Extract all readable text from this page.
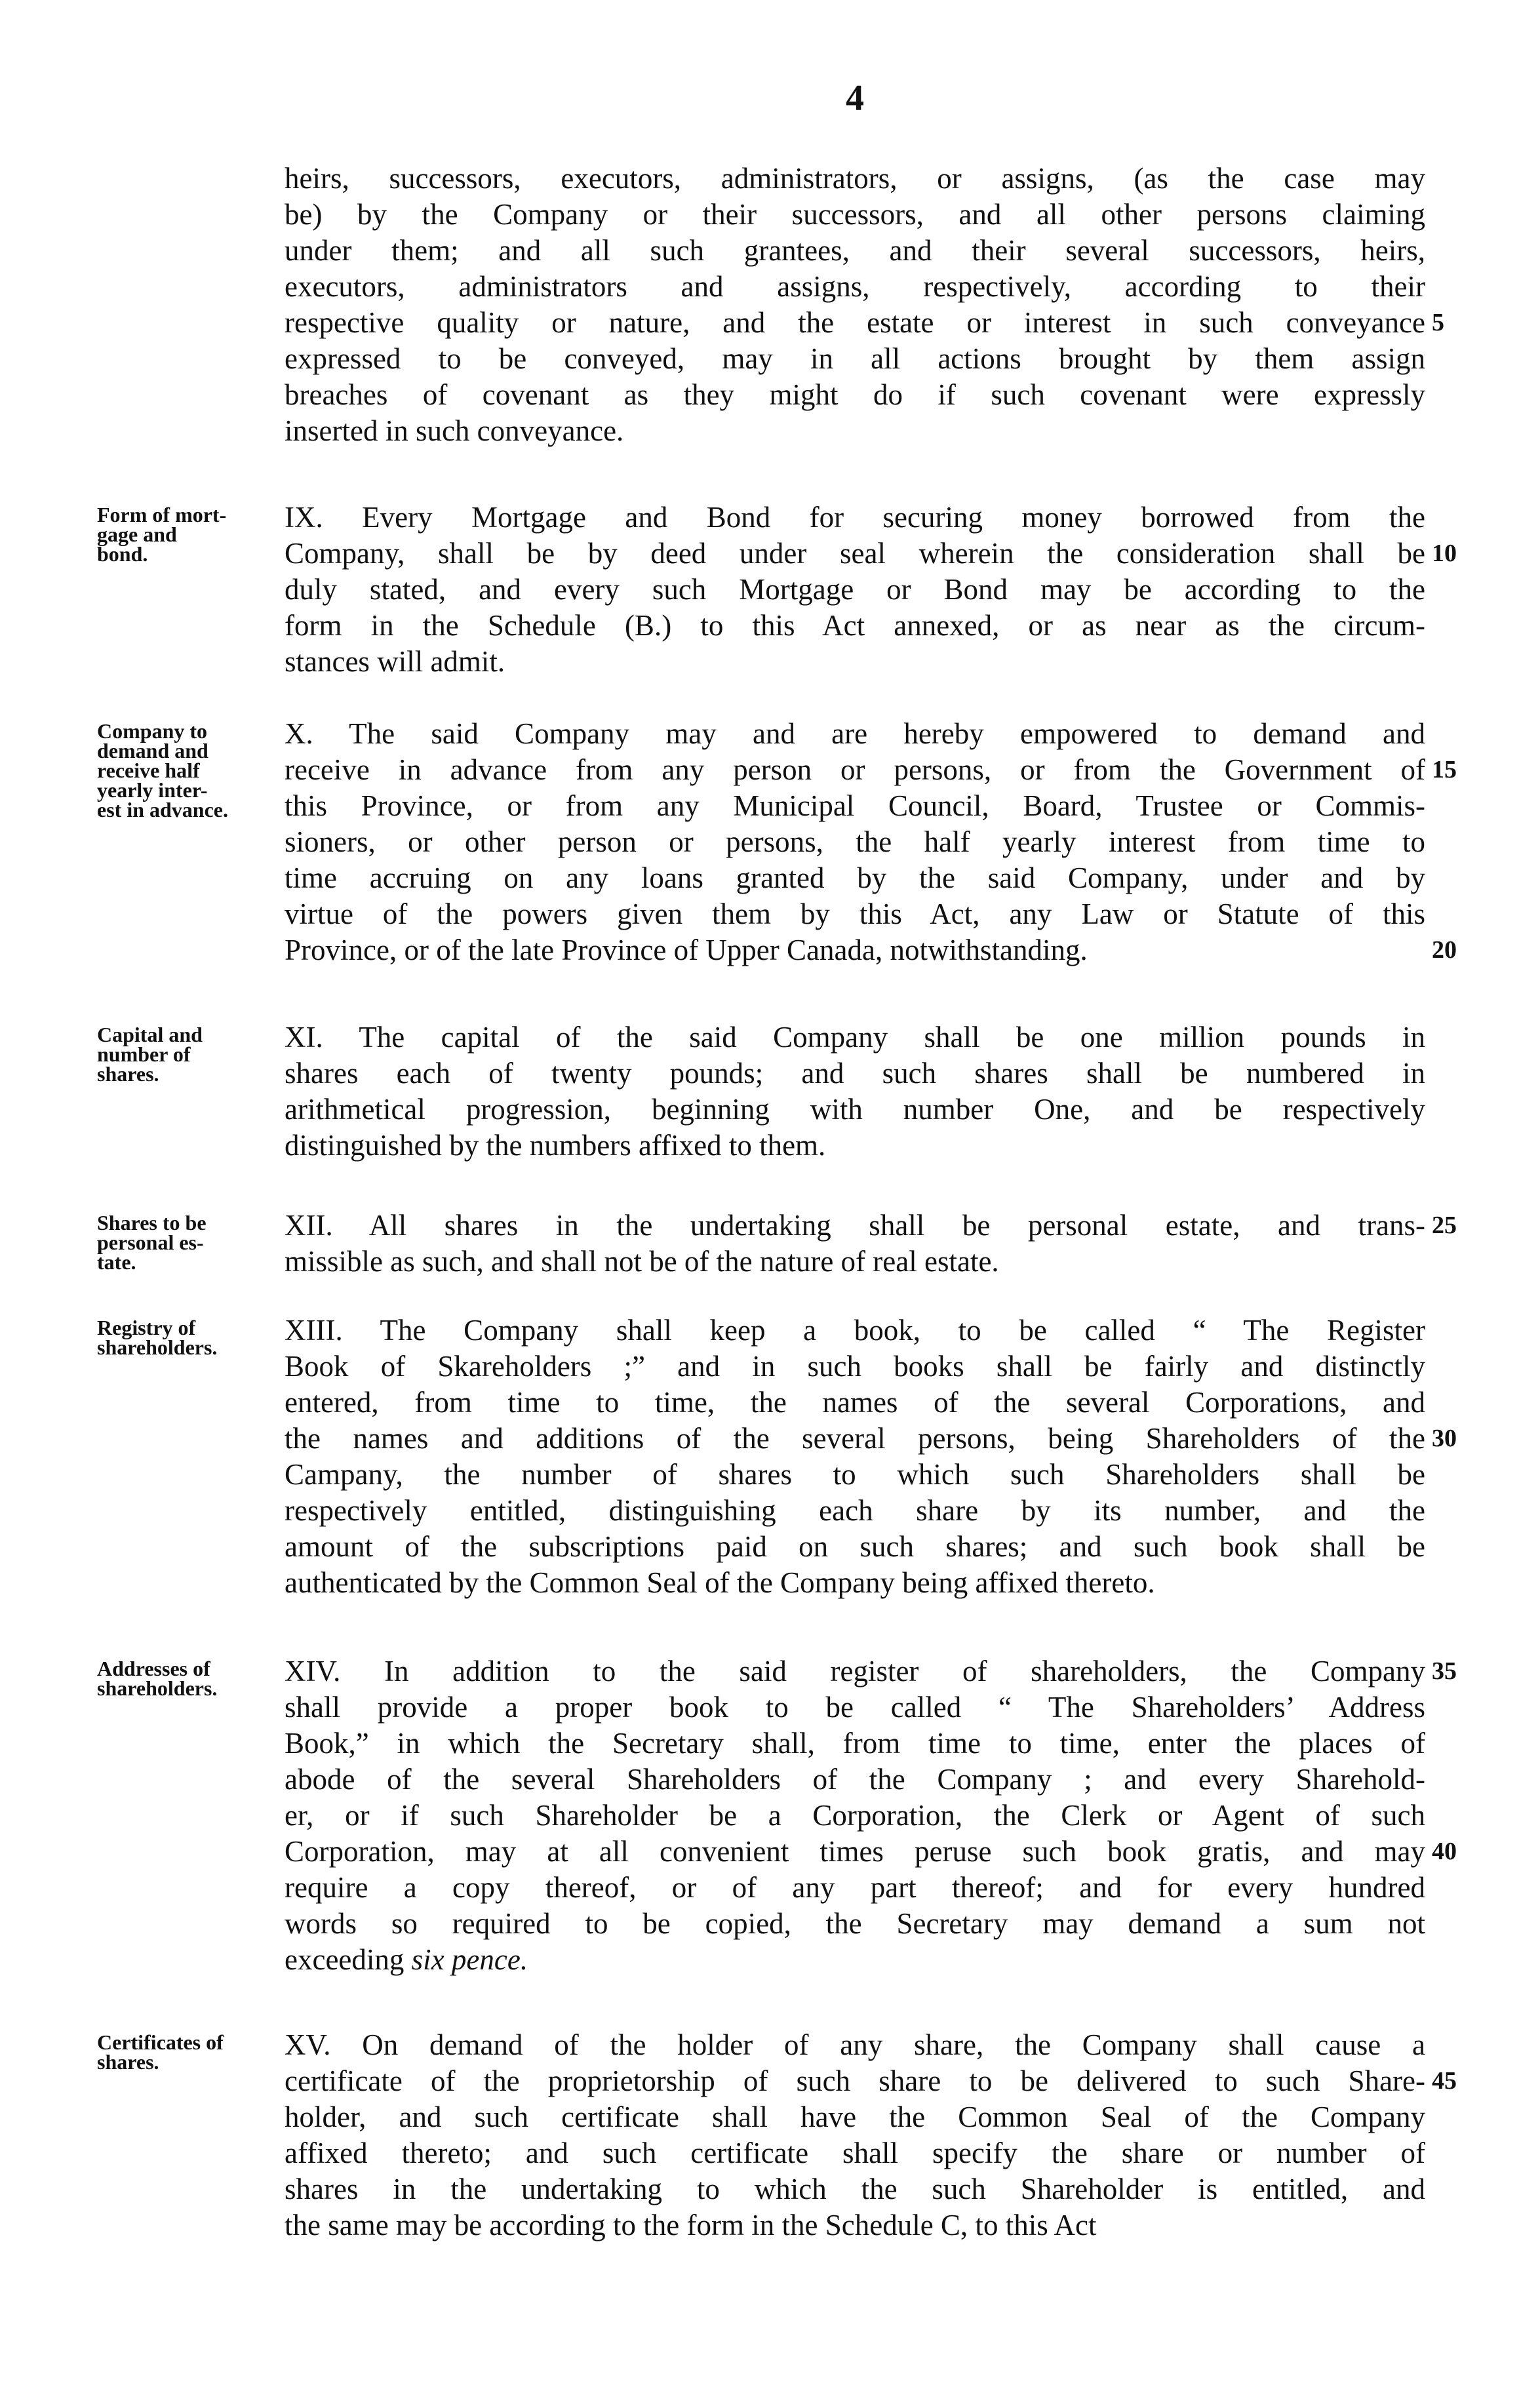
4
heirs, successors, executors, administrators, or assigns, (as the case may
be) by the Company or their successors, and all other persons claiming
under them; and all such grantees, and their several successors, heirs,
executors, administrators and assigns, respectively, according to their
respective quality or nature, and the estate or interest in such conveyance
expressed to be conveyed, may in all actions brought by them assign
breaches of covenant as they might do if such covenant were expressly
inserted in such conveyance.
Form of mort-
gage and
bond.
IX. Every Mortgage and Bond for securing money borrowed from the
Company, shall be by deed under seal wherein the consideration shall be
duly stated, and every such Mortgage or Bond may be according to the
form in the Schedule (B.) to this Act annexed, or as near as the circum-
stances will admit.
Company to
demand and
receive half
yearly inter-
est in advance.
X. The said Company may and are hereby empowered to demand and
receive in advance from any person or persons, or from the Government of
this Province, or from any Municipal Council, Board, Trustee or Commis-
sioners, or other person or persons, the half yearly interest from time to
time accruing on any loans granted by the said Company, under and by
virtue of the powers given them by this Act, any Law or Statute of this
Province, or of the late Province of Upper Canada, notwithstanding.
Capital and
number of
shares.
XI. The capital of the said Company shall be one million pounds in
shares each of twenty pounds; and such shares shall be numbered in
arithmetical progression, beginning with number One, and be respectively
distinguished by the numbers affixed to them.
Shares to be
personal es-
tate.
XII. All shares in the undertaking shall be personal estate, and trans-
missible as such, and shall not be of the nature of real estate.
Registry of
shareholders.
XIII. The Company shall keep a book, to be called “ The Register
Book of Skareholders ;” and in such books shall be fairly and distinctly
entered, from time to time, the names of the several Corporations, and
the names and additions of the several persons, being Shareholders of the
Campany, the number of shares to which such Shareholders shall be
respectively entitled, distinguishing each share by its number, and the
amount of the subscriptions paid on such shares; and such book shall be
authenticated by the Common Seal of the Company being affixed thereto.
Addresses of
shareholders.
XIV. In addition to the said register of shareholders, the Company
shall provide a proper book to be called “ The Shareholders’ Address
Book,” in which the Secretary shall, from time to time, enter the places of
abode of the several Shareholders of the Company ; and every Sharehold-
er, or if such Shareholder be a Corporation, the Clerk or Agent of such
Corporation, may at all convenient times peruse such book gratis, and may
require a copy thereof, or of any part thereof; and for every hundred
words so required to be copied, the Secretary may demand a sum not
exceeding six pence.
Certificates of
shares.
XV. On demand of the holder of any share, the Company shall cause a
certificate of the proprietorship of such share to be delivered to such Share-
holder, and such certificate shall have the Common Seal of the Company
affixed thereto; and such certificate shall specify the share or number of
shares in the undertaking to which the such Shareholder is entitled, and
the same may be according to the form in the Schedule C, to this Act
5
10
15
20
25
30
35
40
45
